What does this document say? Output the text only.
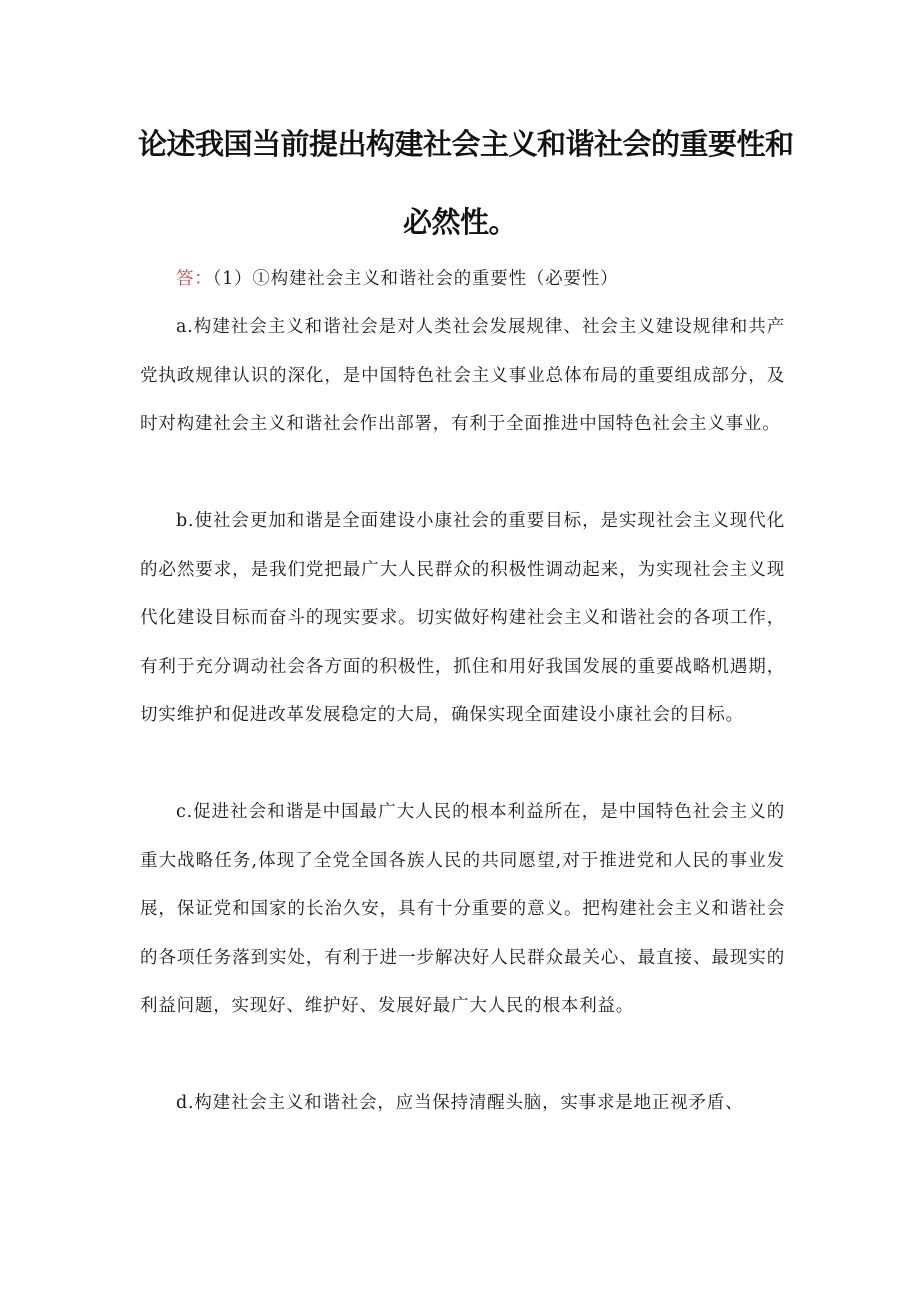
论述我国当前提出构建社会主义和谐社会的重要性和
必然性。
答：（1）①构建社会主义和谐社会的重要性（必要性）
a.构建社会主义和谐社会是对人类社会发展规律、社会主义建设规律和共产党执政规律认识的深化，是中国特色社会主义事业总体布局的重要组成部分，及时对构建社会主义和谐社会作出部署，有利于全面推进中国特色社会主义事业。
b.使社会更加和谐是全面建设小康社会的重要目标，是实现社会主义现代化的必然要求，是我们党把最广大人民群众的积极性调动起来，为实现社会主义现代化建设目标而奋斗的现实要求。切实做好构建社会主义和谐社会的各项工作，有利于充分调动社会各方面的积极性，抓住和用好我国发展的重要战略机遇期，切实维护和促进改革发展稳定的大局，确保实现全面建设小康社会的目标。
c.促进社会和谐是中国最广大人民的根本利益所在，是中国特色社会主义的重大战略任务,体现了全党全国各族人民的共同愿望,对于推进党和人民的事业发展，保证党和国家的长治久安，具有十分重要的意义。把构建社会主义和谐社会的各项任务落到实处，有利于进一步解决好人民群众最关心、最直接、最现实的利益问题，实现好、维护好、发展好最广大人民的根本利益。
d.构建社会主义和谐社会，应当保持清醒头脑，实事求是地正视矛盾、
